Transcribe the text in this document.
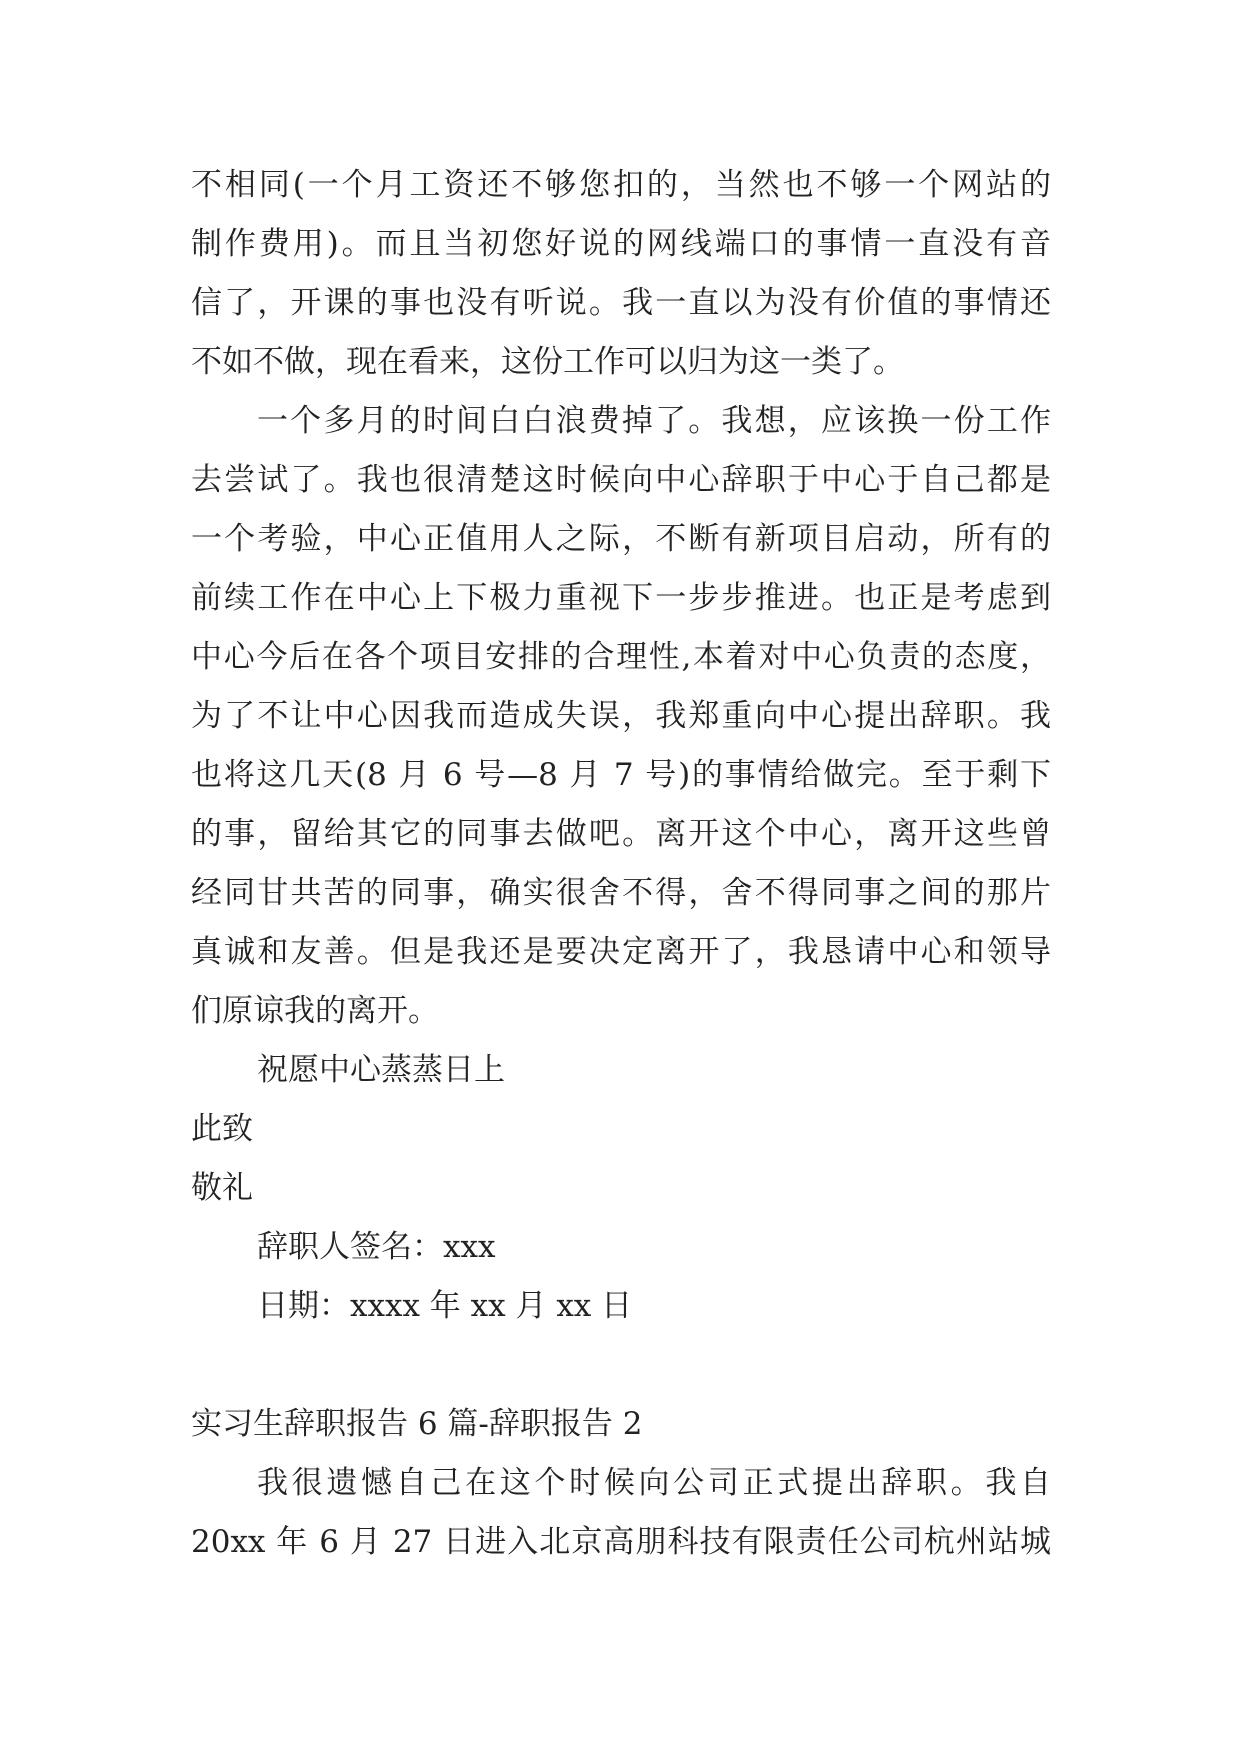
不相同(一个月工资还不够您扣的，当然也不够一个网站的
制作费用)。而且当初您好说的网线端口的事情一直没有音
信了，开课的事也没有听说。我一直以为没有价值的事情还
不如不做，现在看来，这份工作可以归为这一类了。
一个多月的时间白白浪费掉了。我想，应该换一份工作
去尝试了。我也很清楚这时候向中心辞职于中心于自己都是
一个考验，中心正值用人之际，不断有新项目启动，所有的
前续工作在中心上下极力重视下一步步推进。也正是考虑到
中心今后在各个项目安排的合理性,本着对中心负责的态度，
为了不让中心因我而造成失误，我郑重向中心提出辞职。我
也将这几天(8 月 6 号—8 月 7 号)的事情给做完。至于剩下
的事，留给其它的同事去做吧。离开这个中心，离开这些曾
经同甘共苦的同事，确实很舍不得，舍不得同事之间的那片
真诚和友善。但是我还是要决定离开了，我恳请中心和领导
们原谅我的离开。
祝愿中心蒸蒸日上
此致
敬礼
辞职人签名：xxx
日期：xxxx 年 xx 月 xx 日
实习生辞职报告 6 篇-辞职报告 2
我很遗憾自己在这个时候向公司正式提出辞职。我自
20xx 年 6 月 27 日进入北京高朋科技有限责任公司杭州站城
